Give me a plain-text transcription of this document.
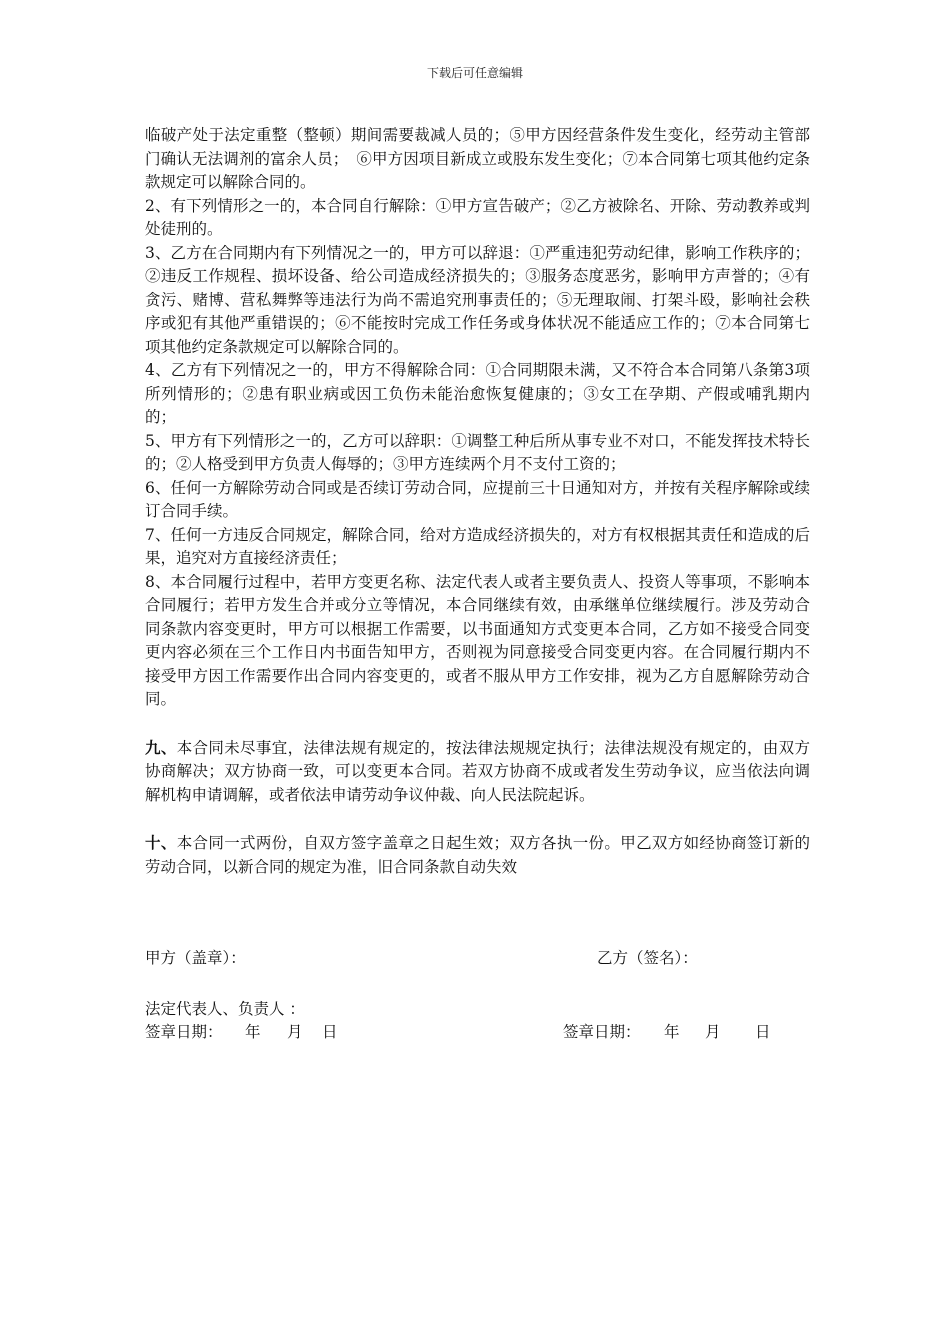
下载后可任意编辑

临破产处于法定重整（整顿）期间需要裁减人员的；⑤甲方因经营条件发生变化，经劳动主管部门确认无法调剂的富余人员；　⑥甲方因项目新成立或股东发生变化；⑦本合同第七项其他约定条款规定可以解除合同的。

2、有下列情形之一的，本合同自行解除：①甲方宣告破产；②乙方被除名、开除、劳动教养或判处徒刑的。

3、乙方在合同期内有下列情况之一的，甲方可以辞退：①严重违犯劳动纪律，影响工作秩序的；②违反工作规程、损坏设备、给公司造成经济损失的；③服务态度恶劣，影响甲方声誉的；④有贪污、赌博、营私舞弊等违法行为尚不需追究刑事责任的；⑤无理取闹、打架斗殴，影响社会秩序或犯有其他严重错误的；⑥不能按时完成工作任务或身体状况不能适应工作的；⑦本合同第七项其他约定条款规定可以解除合同的。

4、乙方有下列情况之一的，甲方不得解除合同：①合同期限未满，又不符合本合同第八条第3项所列情形的；②患有职业病或因工负伤未能治愈恢复健康的；③女工在孕期、产假或哺乳期内的；

5、甲方有下列情形之一的，乙方可以辞职：①调整工种后所从事专业不对口，不能发挥技术特长的；②人格受到甲方负责人侮辱的；③甲方连续两个月不支付工资的；

6、任何一方解除劳动合同或是否续订劳动合同，应提前三十日通知对方，并按有关程序解除或续订合同手续。

7、任何一方违反合同规定，解除合同，给对方造成经济损失的，对方有权根据其责任和造成的后果，追究对方直接经济责任；

8、本合同履行过程中，若甲方变更名称、法定代表人或者主要负责人、投资人等事项，不影响本合同履行；若甲方发生合并或分立等情况，本合同继续有效，由承继单位继续履行。涉及劳动合同条款内容变更时，甲方可以根据工作需要，以书面通知方式变更本合同，乙方如不接受合同变更内容必须在三个工作日内书面告知甲方，否则视为同意接受合同变更内容。在合同履行期内不接受甲方因工作需要作出合同内容变更的，或者不服从甲方工作安排，视为乙方自愿解除劳动合同。

九、本合同未尽事宜，法律法规有规定的，按法律法规规定执行；法律法规没有规定的，由双方协商解决；双方协商一致，可以变更本合同。若双方协商不成或者发生劳动争议，应当依法向调解机构申请调解，或者依法申请劳动争议仲裁、向人民法院起诉。

十、本合同一式两份，自双方签字盖章之日起生效；双方各执一份。甲乙双方如经协商签订新的劳动合同，以新合同的规定为准，旧合同条款自动失效

甲方（盖章）：	乙方（签名）：
法定代表人、负责人 ：
签章日期： 年 月 日	签章日期： 年 月 日
